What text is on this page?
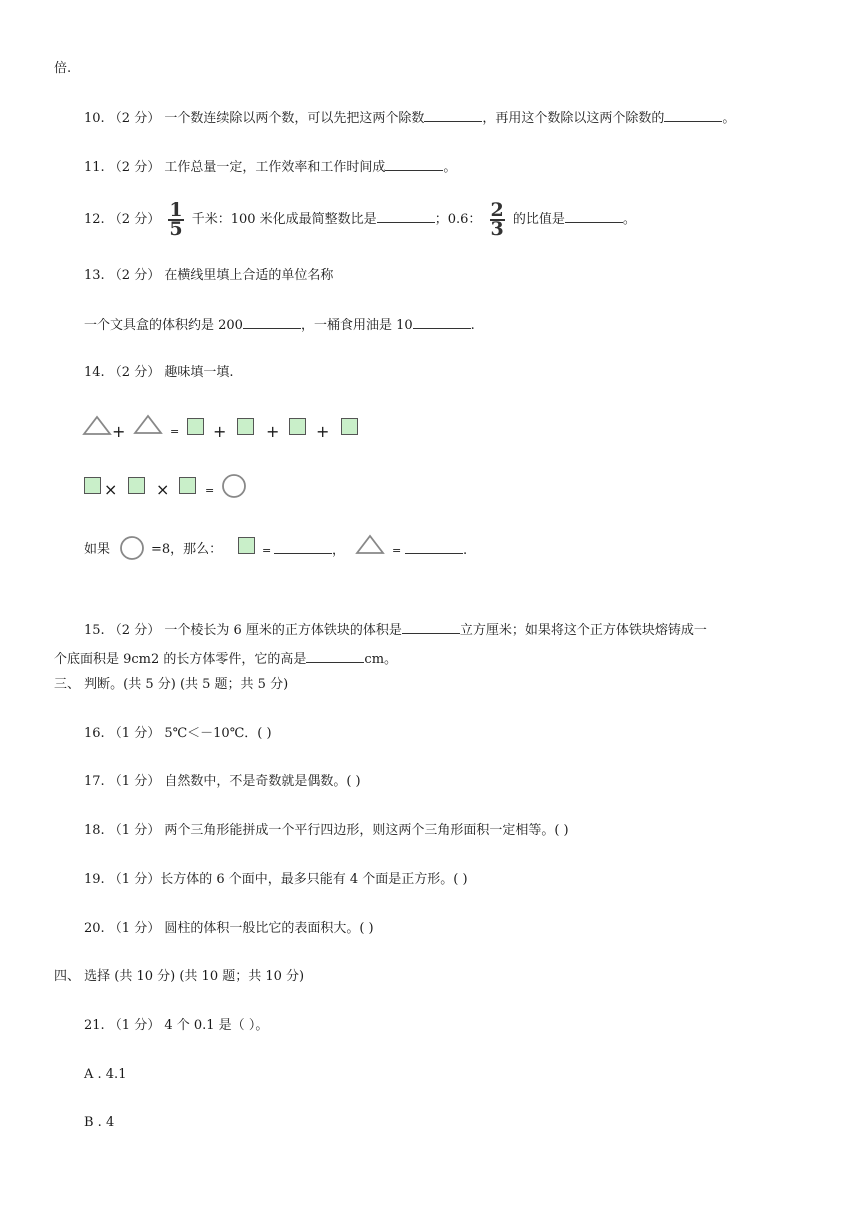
倍.
10. （2 分） 一个数连续除以两个数，可以先把这两个除数	，再用这个数除以这两个除数的	。
11. （2 分） 工作总量一定，工作效率和工作时间成	。
12. （2 分） $\frac{1}{5}$ 千米：100 米化成最简整数比是	；0.6： $\frac{2}{3}$ 的比值是	。
13. （2 分） 在横线里填上合适的单位名称
一个文具盒的体积约是 200	，一桶食用油是 10	.
14. （2 分） 趣味填一填.
+	= + + +
× ×	=
如果	=8，那么：	=	，	=	.
15. （2 分） 一个棱长为 6 厘米的正方体铁块的体积是	立方厘米；如果将这个正方体铁块熔铸成一
个底面积是 9cm2 的长方体零件，它的高是	cm。
三、 判断。(共 5 分) (共 5 题；共 5 分)
16. （1 分） 5℃＜－10℃．( )
17. （1 分） 自然数中，不是奇数就是偶数。( )
18. （1 分） 两个三角形能拼成一个平行四边形，则这两个三角形面积一定相等。( )
19. （1 分）长方体的 6 个面中，最多只能有 4 个面是正方形。( )
20. （1 分） 圆柱的体积一般比它的表面积大。( )
四、 选择 (共 10 分) (共 10 题；共 10 分)
21. （1 分） 4 个 0.1 是（ ）。
A . 4.1
B . 4
